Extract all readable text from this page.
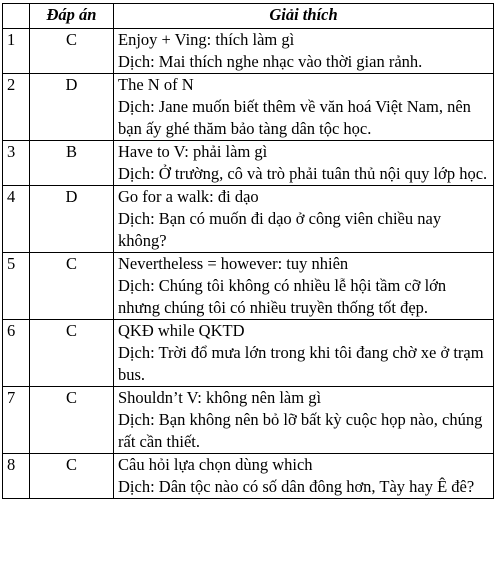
	Đáp án	Giải thích
1	C	Enjoy + Ving: thích làm gì
Dịch: Mai thích nghe nhạc vào thời gian rảnh.

2	D	The N of N
Dịch: Jane muốn biết thêm về văn hoá Việt Nam, nên bạn ấy ghé thăm bảo tàng dân tộc học.

3	B	Have to V: phải làm gì
Dịch: Ở trường, cô và trò phải tuân thủ nội quy lớp học.

4	D	Go for a walk: đi dạo
Dịch: Bạn có muốn đi dạo ở công viên chiều nay không?

5	C	Nevertheless = however: tuy nhiên
Dịch: Chúng tôi không có nhiều lễ hội tầm cỡ lớn nhưng chúng tôi có nhiều truyền thống tốt đẹp.

6	C	QKĐ while QKTD
Dịch: Trời đổ mưa lớn trong khi tôi đang chờ xe ở trạm bus.

7	C	Shouldn’t V: không nên làm gì
Dịch: Bạn không nên bỏ lỡ bất kỳ cuộc họp nào, chúng rất cần thiết.

8	C	Câu hỏi lựa chọn dùng which
Dịch: Dân tộc nào có số dân đông hơn, Tày hay Ê đê?
